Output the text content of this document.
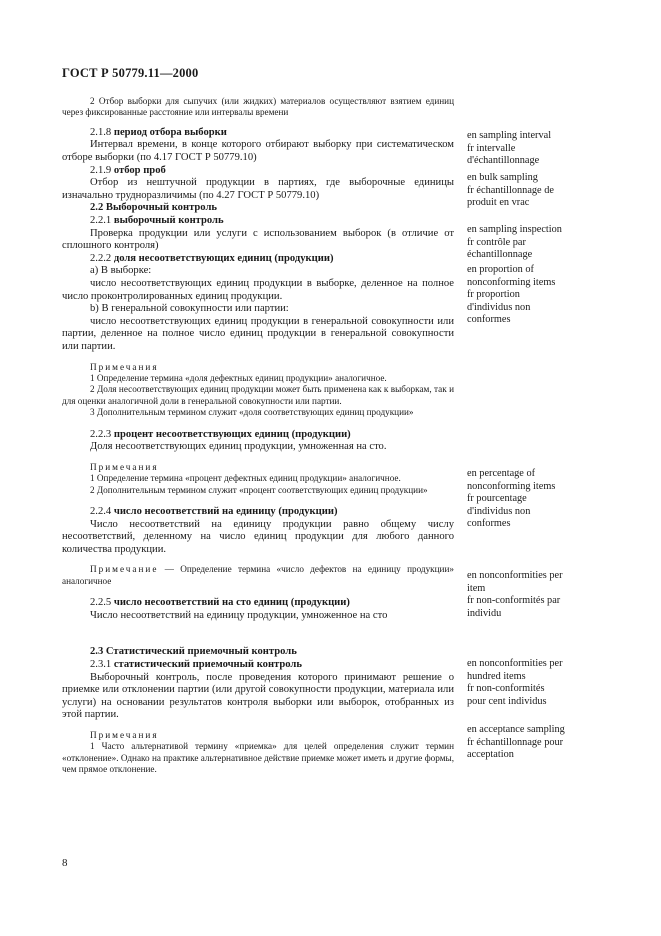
ГОСТ Р 50779.11—2000

2 Отбор выборки для сыпучих (или жидких) материалов осуществляют взятием единиц через фиксированные расстояние или интервалы времени

2.1.8 период отбора выборки

Интервал времени, в конце которого отбирают выборку при систематическом отборе выборки (по 4.17 ГОСТ Р 50779.10)

2.1.9 отбор проб

Отбор из нештучной продукции в партиях, где выборочные единицы изначально трудноразличимы (по 4.27 ГОСТ Р 50779.10)

2.2 Выборочный контроль

2.2.1 выборочный контроль

Проверка продукции или услуги с использованием выборок (в отличие от сплошного контроля)

2.2.2 доля несоответствующих единиц (продукции)

а) В выборке:

число несоответствующих единиц продукции в выборке, деленное на полное число проконтролированных единиц продукции.

b) В генеральной совокупности или партии:

число несоответствующих единиц продукции в генеральной совокупности или партии, деленное на полное число единиц продукции в генеральной совокупности или партии.

Примечания

1 Определение термина «доля дефектных единиц продукции» аналогичное.

2 Доля несоответствующих единиц продукции может быть применена как к выборкам, так и для оценки аналогичной доли в генеральной совокупности или партии.

3 Дополнительным термином служит «доля соответствующих единиц продукции»

2.2.3 процент несоответствующих единиц (продукции)

Доля несоответствующих единиц продукции, умноженная на сто.

Примечания

1 Определение термина «процент дефектных единиц продукции» аналогичное.

2 Дополнительным термином служит «процент соответствующих единиц продукции»

2.2.4 число несоответствий на единицу (продукции)

Число несоответствий на единицу продукции равно общему числу несоответствий, деленному на число единиц продукции для любого данного количества продукции.

Примечание — Определение термина «число дефектов на единицу продукции» аналогичное

2.2.5 число несоответствий на сто единиц (продукции)

Число несоответствий на единицу продукции, умноженное на сто

2.3 Статистический приемочный контроль

2.3.1 статистический приемочный контроль

Выборочный контроль, после проведения которого принимают решение о приемке или отклонении партии (или другой совокупности продукции, материала или услуги) на основании результатов контроля выборки или выборок, отобранных из этой партии.

Примечания

1 Часто альтернативой термину «приемка» для целей определения служит термин «отклонение». Однако на практике альтернативное действие приемке может иметь и другие формы, чем прямое отклонение.

en sampling interval
fr intervalle
d'échantillonnage
en bulk sampling
fr échantillonnage de
produit en vrac
en sampling inspection
fr contrôle par
échantillonnage
en proportion of
nonconforming items
fr proportion
d'individus non
conformes
en percentage of
nonconforming items
fr pourcentage
d'individus non
conformes
en nonconformities per
item
fr non-conformités par
individu
en nonconformities per
hundred items
fr non-conformités
pour cent individus
en acceptance sampling
fr échantillonnage pour
acceptation
8
